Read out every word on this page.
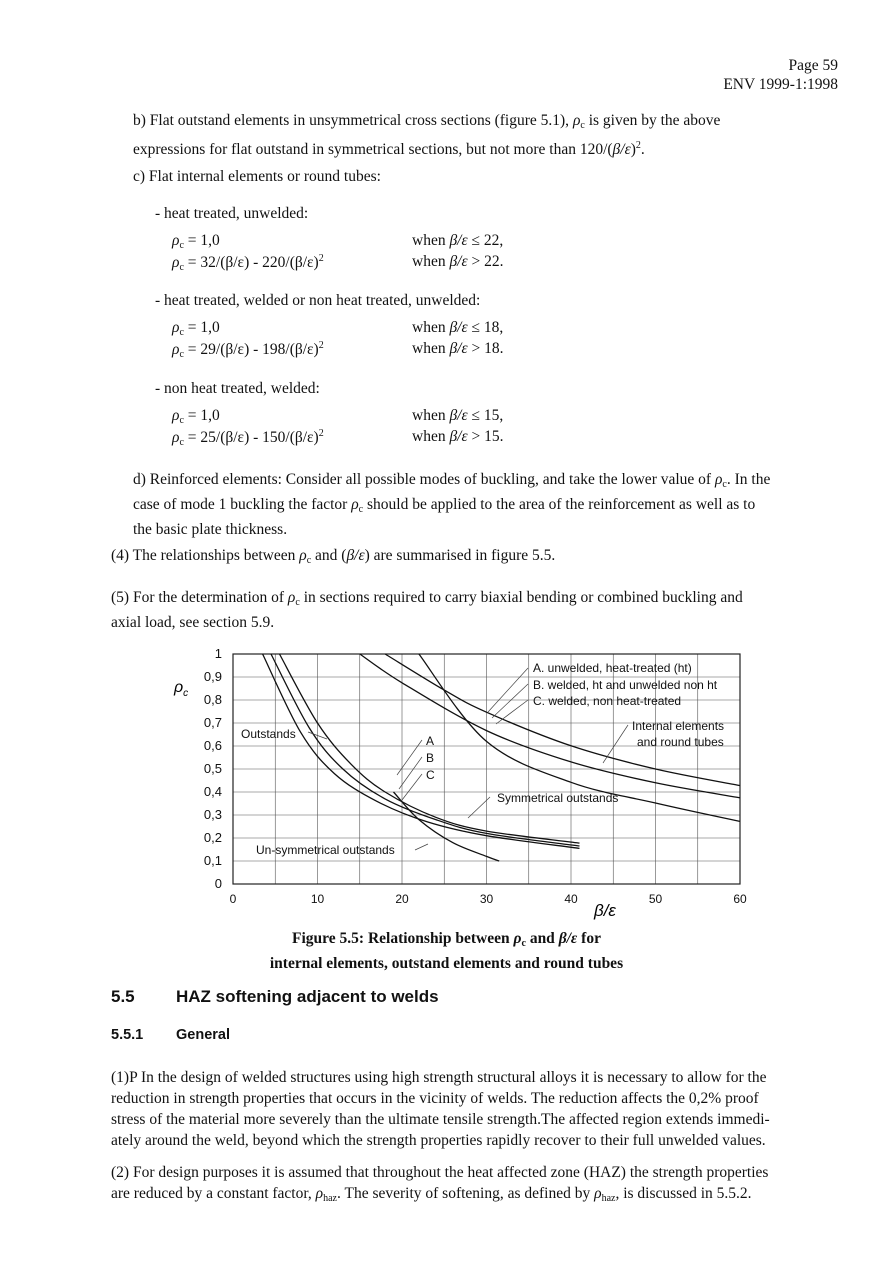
Page 59
ENV 1999-1:1998
b) Flat outstand elements in unsymmetrical cross sections (figure 5.1), $\rho_c$ is given by the above
expressions for flat outstand in symmetrical sections, but not more than $120/(\beta/\varepsilon)^2$.
c) Flat internal elements or round tubes:
- heat treated, unwelded:
$\rho_c = 1,0$	when β/ε ≤ 22,
$\rho_c = 32/(\beta/\varepsilon) - 220/(\beta/\varepsilon)^2$	when β/ε > 22.
- heat treated, welded or non heat treated, unwelded:
$\rho_c = 1,0$	when β/ε ≤ 18,
$\rho_c = 29/(\beta/\varepsilon) - 198/(\beta/\varepsilon)^2$	when β/ε > 18.
- non heat treated, welded:
$\rho_c = 1,0$	when β/ε ≤ 15,
$\rho_c = 25/(\beta/\varepsilon) - 150/(\beta/\varepsilon)^2$	when β/ε > 15.
d) Reinforced elements: Consider all possible modes of buckling, and take the lower value of $\rho_c$. In the
case of mode 1 buckling the factor $\rho_c$ should be applied to the area of the reinforcement as well as to
the basic plate thickness.
(4) The relationships between $\rho_c$ and (β/ε) are summarised in figure 5.5.
(5) For the determination of $\rho_c$ in sections required to carry biaxial bending or combined buckling and
axial load, see section 5.9.
0	10	20	30	40	50	60
0
0,1
0,2
0,3
0,4
0,5
0,6
0,7
0,8
0,9
1
$\rho_c$
β/ε
A. unwelded, heat-treated (ht)
B. welded, ht and unwelded non ht
C. welded, non heat-treated
Internal elements
and round tubes
Outstands	A
B
C
Symmetrical outstands
Un-symmetrical outstands
Figure 5.5: Relationship between $\rho_c$ and β/ε for
internal elements, outstand elements and round tubes
5.5 HAZ softening adjacent to welds
5.5.1 General
(1)P In the design of welded structures using high strength structural alloys it is necessary to allow for the
reduction in strength properties that occurs in the vicinity of welds. The reduction affects the 0,2% proof
stress of the material more severely than the ultimate tensile strength.The affected region extends immedi-
ately around the weld, beyond which the strength properties rapidly recover to their full unwelded values.
(2) For design purposes it is assumed that throughout the heat affected zone (HAZ) the strength properties
are reduced by a constant factor, $\rho_{haz}$. The severity of softening, as defined by $\rho_{haz}$, is discussed in 5.5.2.
